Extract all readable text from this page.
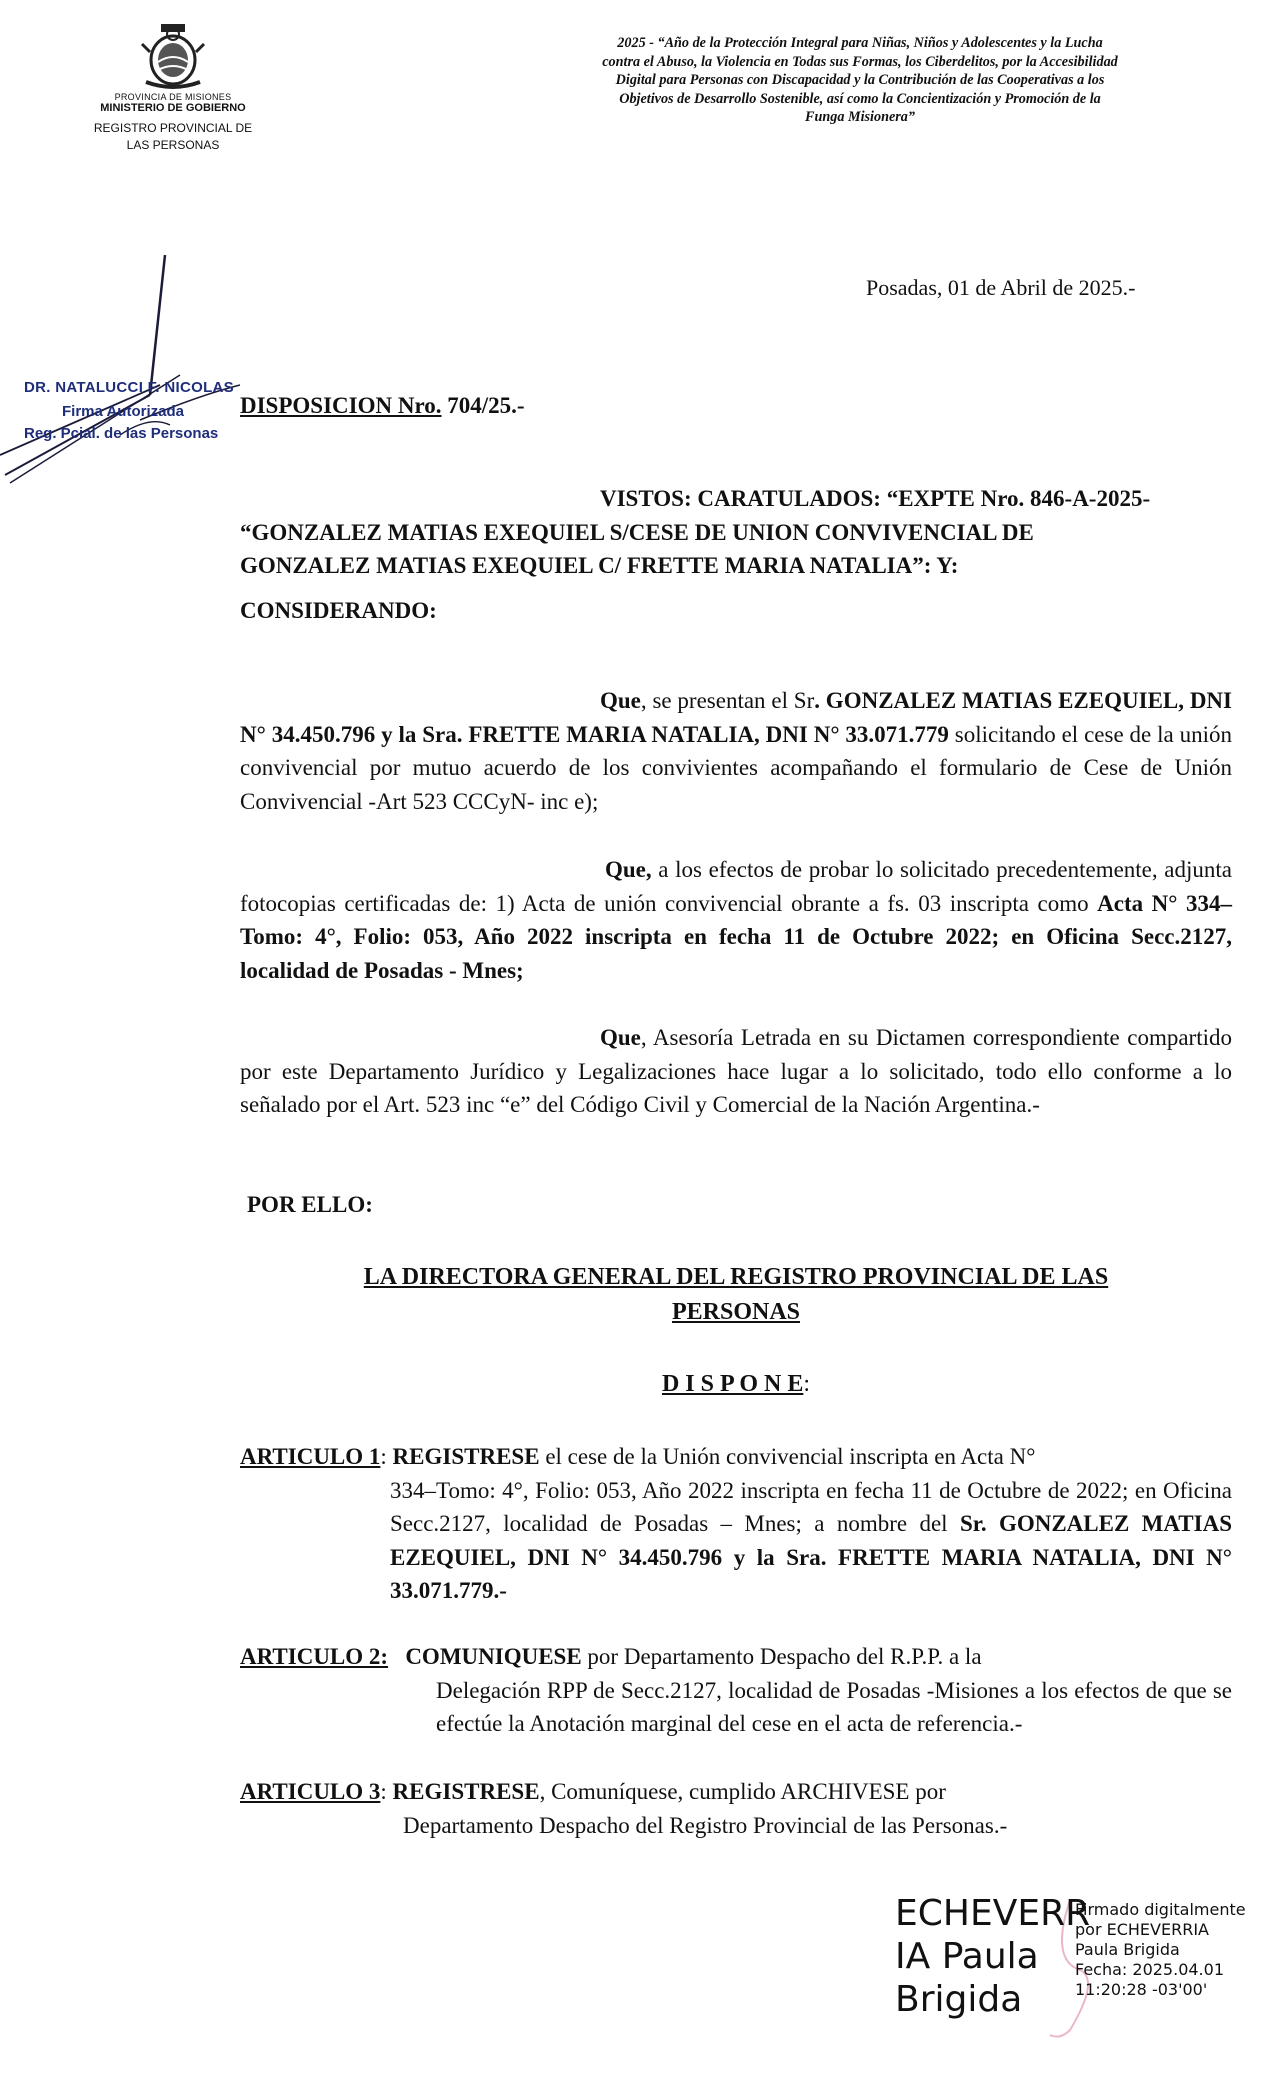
PROVINCIA DE MISIONES
MINISTERIO DE GOBIERNO
REGISTRO PROVINCIAL DE
LAS PERSONAS
2025 - “Año de la Protección Integral para Niñas, Niños y Adolescentes y la Lucha
contra el Abuso, la Violencia en Todas sus Formas, los Ciberdelitos, por la Accesibilidad
Digital para Personas con Discapacidad y la Contribución de las Cooperativas a los
Objetivos de Desarrollo Sostenible, así como la Concientización y Promoción de la
Funga Misionera”
Posadas, 01 de Abril de 2025.-
DR. NATALUCCI F. NICOLAS
Firma Autorizada
Reg. Pcial. de las Personas
DISPOSICION Nro. 704/25.-
VISTOS: CARATULADOS: “EXPTE Nro. 846-A-2025-
“GONZALEZ MATIAS EXEQUIEL S/CESE DE UNION CONVIVENCIAL DE
GONZALEZ MATIAS EXEQUIEL C/ FRETTE MARIA NATALIA”: Y:
CONSIDERANDO:
Que, se presentan el Sr. GONZALEZ MATIAS EZEQUIEL, DNI N° 34.450.796 y la Sra. FRETTE MARIA NATALIA, DNI N° 33.071.779 solicitando el cese de la unión convivencial por mutuo acuerdo de los convivientes acompañando el formulario de Cese de Unión Convivencial -Art 523 CCCyN- inc e);
Que, a los efectos de probar lo solicitado precedentemente, adjunta fotocopias certificadas de: 1) Acta de unión convivencial obrante a fs. 03 inscripta como Acta N° 334–Tomo: 4°, Folio: 053, Año 2022 inscripta en fecha 11 de Octubre 2022; en Oficina Secc.2127, localidad de Posadas - Mnes;
Que, Asesoría Letrada en su Dictamen correspondiente compartido por este Departamento Jurídico y Legalizaciones hace lugar a lo solicitado, todo ello conforme a lo señalado por el Art. 523 inc “e” del Código Civil y Comercial de la Nación Argentina.-
POR ELLO:
LA DIRECTORA GENERAL DEL REGISTRO PROVINCIAL DE LAS
PERSONAS
D I S P O N E:
ARTICULO 1: REGISTRESE el cese de la Unión convivencial inscripta en Acta N°
334–Tomo: 4°, Folio: 053, Año 2022 inscripta en fecha 11 de Octubre de 2022; en Oficina Secc.2127, localidad de Posadas – Mnes; a nombre del Sr. GONZALEZ MATIAS EZEQUIEL, DNI N° 34.450.796 y la Sra. FRETTE MARIA NATALIA, DNI N° 33.071.779.-
ARTICULO 2: COMUNIQUESE por Departamento Despacho del R.P.P. a la
Delegación RPP de Secc.2127, localidad de Posadas -Misiones a los efectos de que se efectúe la Anotación marginal del cese en el acta de referencia.-
ARTICULO 3: REGISTRESE, Comuníquese, cumplido ARCHIVESE por
Departamento Despacho del Registro Provincial de las Personas.-
ECHEVERR
IA Paula
Brigida
Firmado digitalmente
por ECHEVERRIA
Paula Brigida
Fecha: 2025.04.01
11:20:28 -03'00'
